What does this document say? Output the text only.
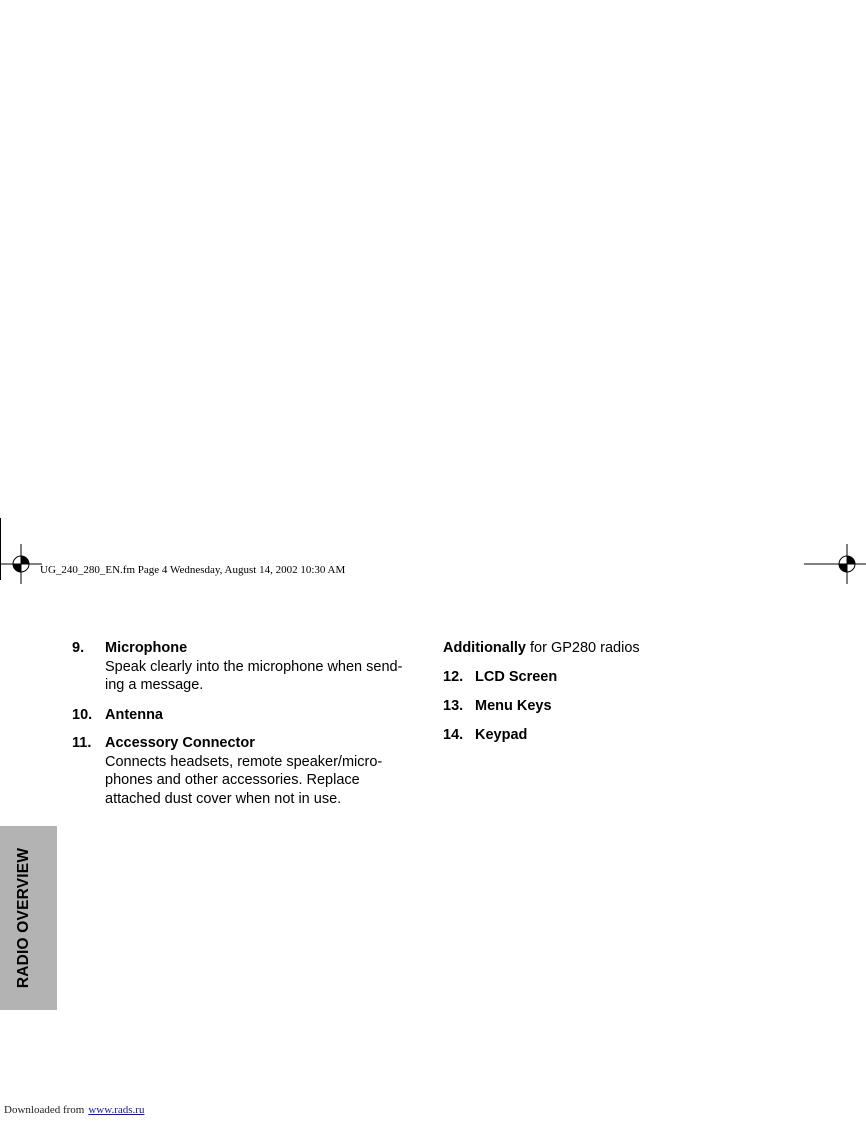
UG_240_280_EN.fm Page 4 Wednesday, August 14, 2002 10:30 AM
9. Microphone
Speak clearly into the microphone when send-
ing a message.
10. Antenna
11. Accessory Connector
Connects headsets, remote speaker/micro-
phones and other accessories. Replace
attached dust cover when not in use.
Additionally for GP280 radios
12. LCD Screen
13. Menu Keys
14. Keypad
RADIO OVERVIEW
Downloaded from www.rads.ru
